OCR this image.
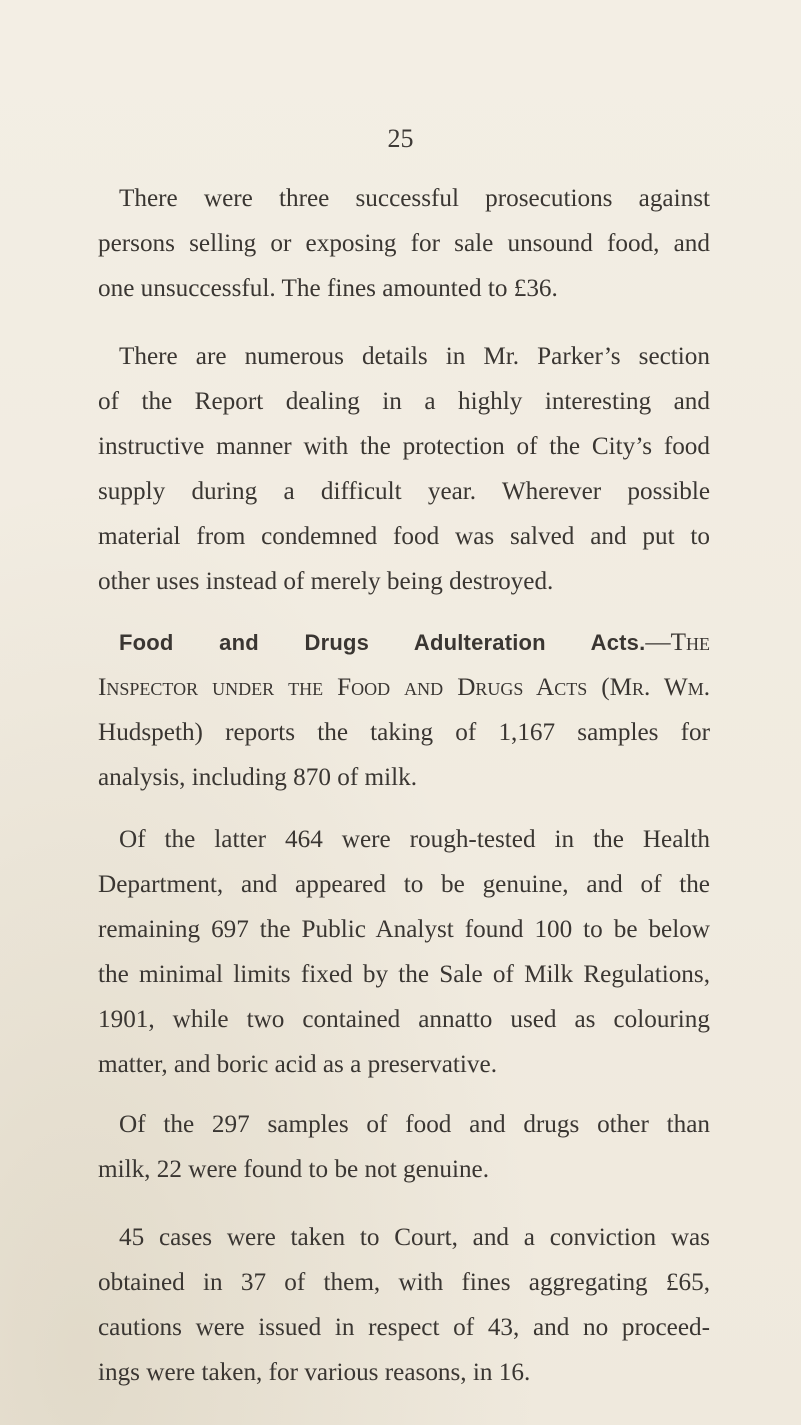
25
There were three successful prosecutions against
persons selling or exposing for sale unsound food, and
one unsuccessful. The fines amounted to £36.
There are numerous details in Mr. Parker’s section
of the Report dealing in a highly interesting and
instructive manner with the protection of the City’s food
supply during a difficult year. Wherever possible
material from condemned food was salved and put to
other uses instead of merely being destroyed.
Food and Drugs Adulteration Acts.—The
Inspector under the Food and Drugs Acts (Mr. Wm.
Hudspeth) reports the taking of 1,167 samples for
analysis, including 870 of milk.
Of the latter 464 were rough-tested in the Health
Department, and appeared to be genuine, and of the
remaining 697 the Public Analyst found 100 to be below
the minimal limits fixed by the Sale of Milk Regulations,
1901, while two contained annatto used as colouring
matter, and boric acid as a preservative.
Of the 297 samples of food and drugs other than
milk, 22 were found to be not genuine.
45 cases were taken to Court, and a conviction was
obtained in 37 of them, with fines aggregating £65,
cautions were issued in respect of 43, and no proceed-
ings were taken, for various reasons, in 16.
